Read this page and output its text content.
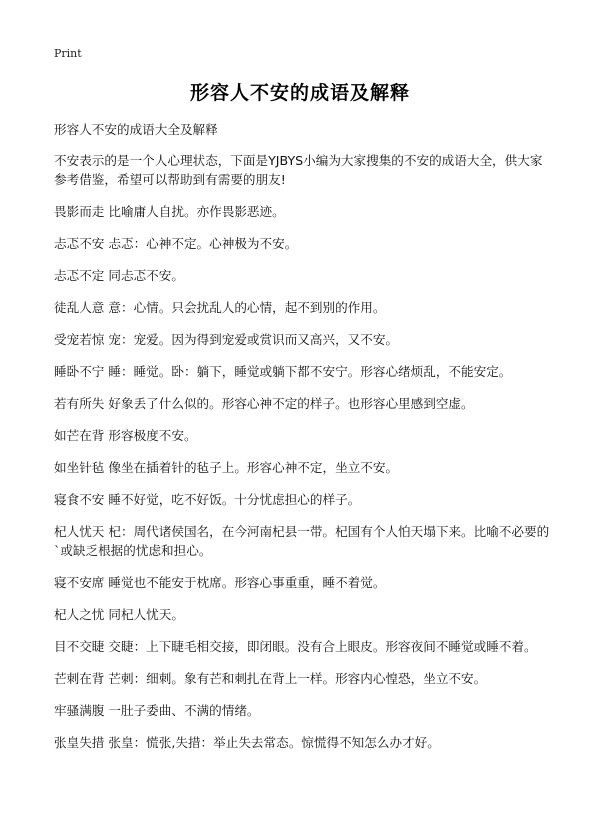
Print
形容人不安的成语及解释

形容人不安的成语大全及解释

不安表示的是一个人心理状态，下面是YJBYS小编为大家搜集的不安的成语大全，供大家参考借鉴，希望可以帮助到有需要的朋友!

畏影而走 比喻庸人自扰。亦作畏影恶迹。

忐忑不安 忐忑：心神不定。心神极为不安。

忐忑不定 同忐忑不安。

徒乱人意 意：心情。只会扰乱人的心情，起不到别的作用。

受宠若惊 宠：宠爱。因为得到宠爱或赏识而又高兴，又不安。

睡卧不宁 睡：睡觉。卧：躺下，睡觉或躺下都不安宁。形容心绪烦乱，不能安定。

若有所失 好象丢了什么似的。形容心神不定的样子。也形容心里感到空虚。

如芒在背 形容极度不安。

如坐针毡 像坐在插着针的毡子上。形容心神不定，坐立不安。

寝食不安 睡不好觉，吃不好饭。十分忧虑担心的样子。

杞人忧天 杞：周代诸侯国名，在今河南杞县一带。杞国有个人怕天塌下来。比喻不必要的`或缺乏根据的忧虑和担心。

寝不安席 睡觉也不能安于枕席。形容心事重重，睡不着觉。

杞人之忧 同杞人忧天。

目不交睫 交睫：上下睫毛相交接，即闭眼。没有合上眼皮。形容夜间不睡觉或睡不着。

芒刺在背 芒刺：细刺。象有芒和刺扎在背上一样。形容内心惶恐，坐立不安。

牢骚满腹 一肚子委曲、不满的情绪。

张皇失措 张皇：慌张,失措：举止失去常态。惊慌得不知怎么办才好。
